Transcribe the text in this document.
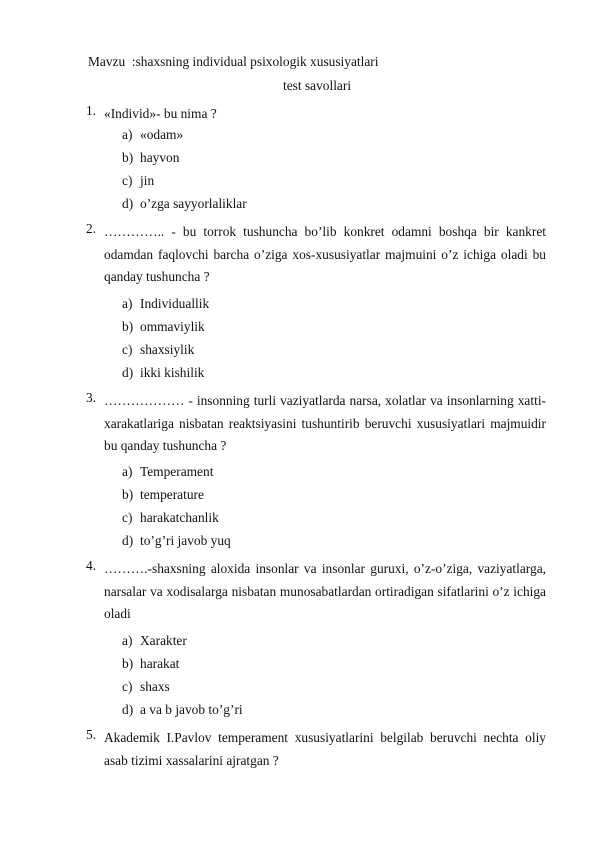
Mavzu  :shaxsning individual psixologik xususiyatlari
test savollari
1. «Individ»- bu nima ?
a) «odam»
b) hayvon
c) jin
d) o’zga sayyorlaliklar
2. ………….. - bu torrok tushuncha bo’lib konkret odamni boshqa bir kankret odamdan faqlovchi barcha o’ziga xos-xususiyatlar majmuini o’z ichiga oladi bu qanday tushuncha ?
a) Individuallik
b) ommaviylik
c) shaxsiylik
d) ikki kishilik
3. ……………… - insonning turli vaziyatlarda narsa, xolatlar va insonlarning xatti-xarakatlariga nisbatan reaktsiyasini tushuntirib beruvchi xususiyatlari majmuidir bu qanday tushuncha ?
a) Temperament
b) temperature
c) harakatchanlik
d) to’g’ri javob yuq
4. ……….-shaxsning aloxida insonlar va insonlar guruxi, o’z-o’ziga, vaziyatlarga, narsalar va xodisalarga nisbatan munosabatlardan ortiradigan sifatlarini o’z ichiga oladi
a) Xarakter
b) harakat
c) shaxs
d) a va b javob to’g’ri
5. Akademik I.Pavlov temperament xususiyatlarini belgilab beruvchi nechta oliy asab tizimi xassalarini ajratgan ?
